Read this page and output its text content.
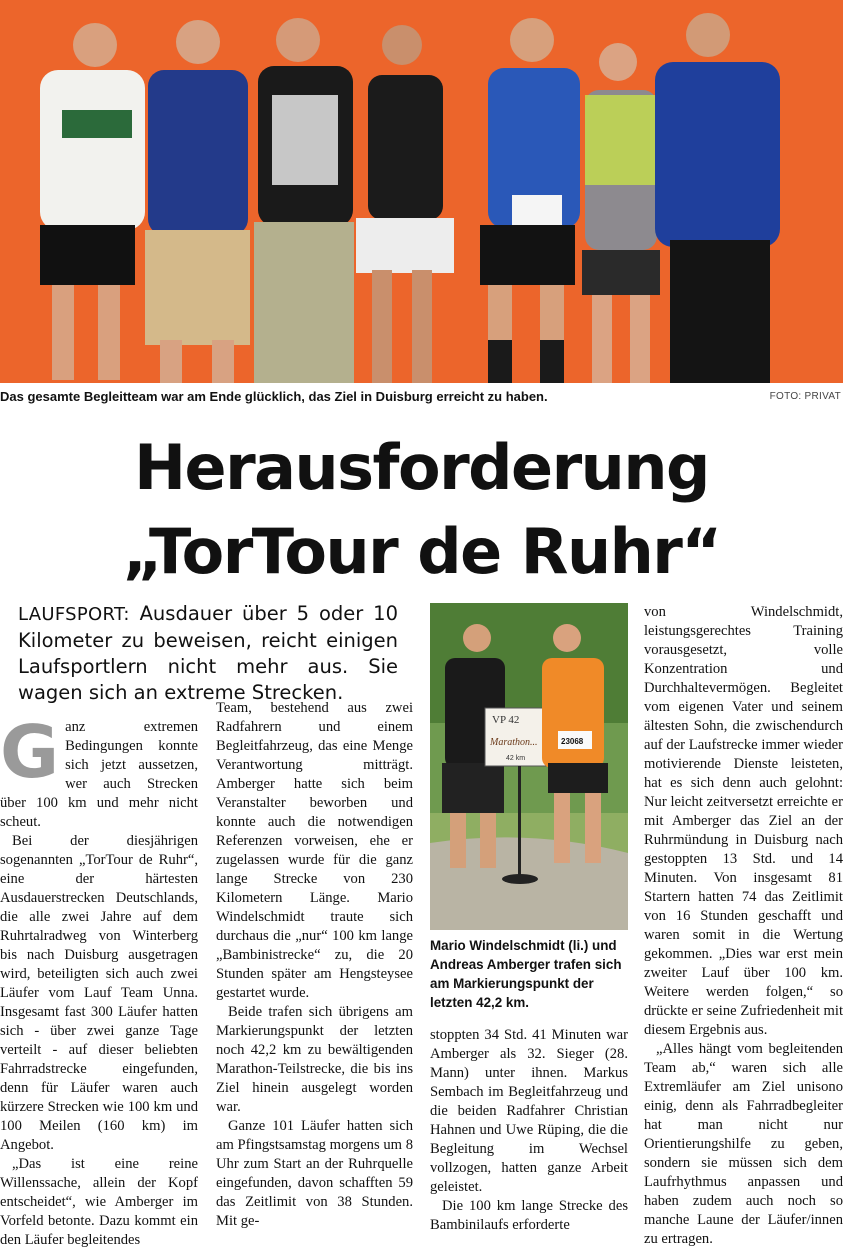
Das gesamte Begleitteam war am Ende glücklich, das Ziel in Duisburg erreicht zu haben.	FOTO: PRIVAT
Herausforderung
„TorTour de Ruhr“
LAUFSPORT: Ausdauer über 5 oder 10 Kilometer zu beweisen, reicht einigen Laufsportlern nicht mehr aus. Sie wagen sich an extreme Strecken.
G anz extremen Bedingungen konnte sich jetzt aussetzen, wer auch Strecken über 100 km und mehr nicht scheut.

Bei der diesjährigen sogenannten „TorTour de Ruhr“, eine der härtesten Ausdauerstrecken Deutschlands, die alle zwei Jahre auf dem Ruhrtalradweg von Winterberg bis nach Duisburg ausgetragen wird, beteiligten sich auch zwei Läufer vom Lauf Team Unna. Insgesamt fast 300 Läufer hatten sich - über zwei ganze Tage verteilt - auf dieser beliebten Fahrradstrecke eingefunden, denn für Läufer waren auch kürzere Strecken wie 100 km und 100 Meilen (160 km) im Angebot.

„Das ist eine reine Willenssache, allein der Kopf entscheidet“, wie Amberger im Vorfeld betonte. Dazu kommt ein den Läufer begleitendes

Team, bestehend aus zwei Radfahrern und einem Begleitfahrzeug, das eine Menge Verantwortung mitträgt. Amberger hatte sich beim Veranstalter beworben und konnte auch die notwendigen Referenzen vorweisen, ehe er zugelassen wurde für die ganz lange Strecke von 230 Kilometern Länge. Mario Windelschmidt traute sich durchaus die „nur“ 100 km lange „Bambinistrecke“ zu, die 20 Stunden später am Hengsteysee gestartet wurde.

Beide trafen sich übrigens am Markierungspunkt der letzten noch 42,2 km zu bewältigenden Marathon-Teilstrecke, die bis ins Ziel hinein ausgelegt worden war.

Ganze 101 Läufer hatten sich am Pfingstsamstag morgens um 8 Uhr zum Start an der Ruhrquelle eingefunden, davon schafften 59 das Zeitlimit von 38 Stunden. Mit ge-

VP 42
Marathon...
42 km
23068
Mario Windelschmidt (li.) und Andreas Amberger trafen sich am Markierungspunkt der letzten 42,2 km.

stoppten 34 Std. 41 Minuten war Amberger als 32. Sieger (28. Mann) unter ihnen. Markus Sembach im Begleitfahrzeug und die beiden Radfahrer Christian Hahnen und Uwe Rüping, die die Begleitung im Wechsel vollzogen, hatten ganze Arbeit geleistet.

Die 100 km lange Strecke des Bambinilaufs erforderte

von Windelschmidt, leistungsgerechtes Training vorausgesetzt, volle Konzentration und Durchhaltevermögen. Begleitet vom eigenen Vater und seinem ältesten Sohn, die zwischendurch auf der Laufstrecke immer wieder motivierende Dienste leisteten, hat es sich denn auch gelohnt: Nur leicht zeitversetzt erreichte er mit Amberger das Ziel an der Ruhrmündung in Duisburg nach gestoppten 13 Std. und 14 Minuten. Von insgesamt 81 Startern hatten 74 das Zeitlimit von 16 Stunden geschafft und waren somit in die Wertung gekommen. „Dies war erst mein zweiter Lauf über 100 km. Weitere werden folgen,“ so drückte er seine Zufriedenheit mit diesem Ergebnis aus.

„Alles hängt vom begleitenden Team ab,“ waren sich alle Extremläufer am Ziel unisono einig, denn als Fahrradbegleiter hat man nicht nur Orientierungshilfe zu geben, sondern sie müssen sich dem Laufrhythmus anpassen und haben zudem auch noch so manche Laune der Läufer/innen zu ertragen.
